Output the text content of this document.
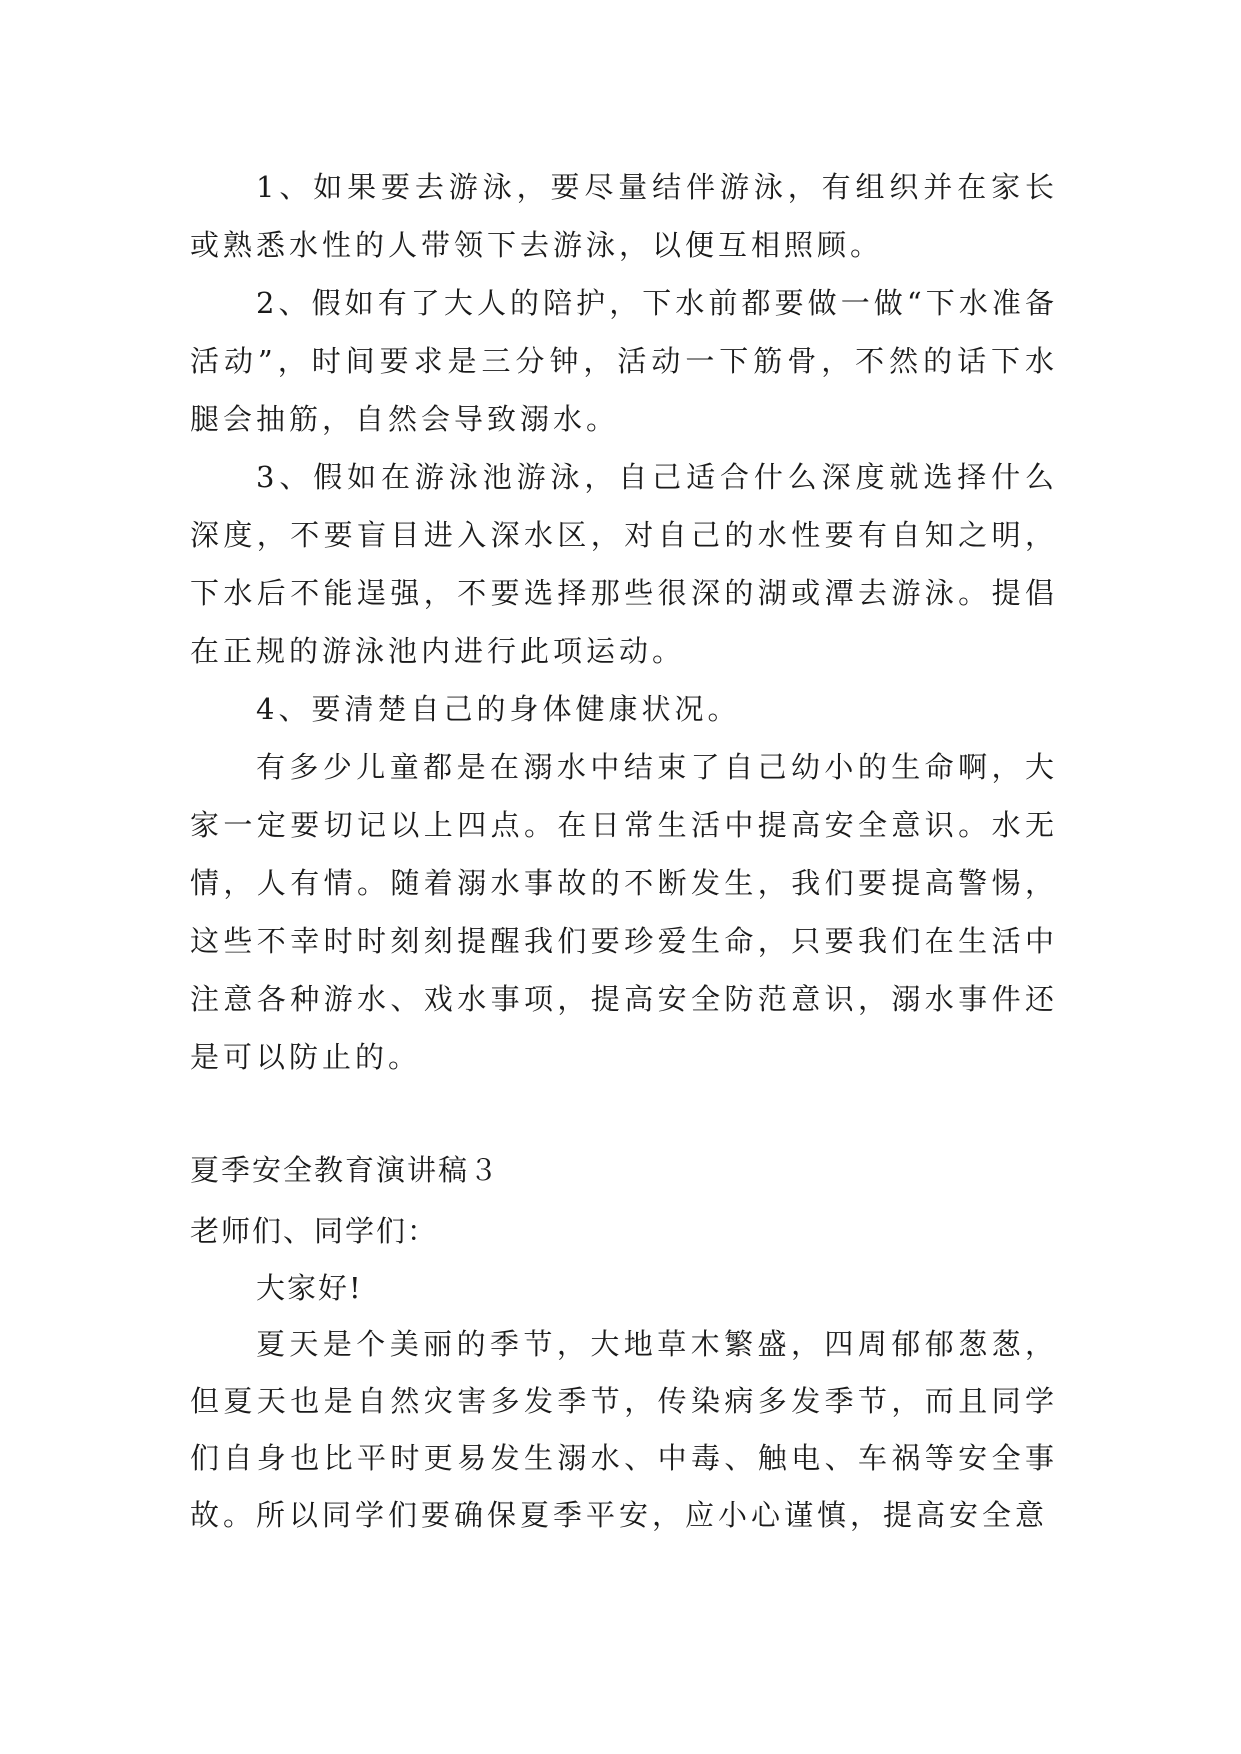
1、如果要去游泳，要尽量结伴游泳，有组织并在家长或熟悉水性的人带领下去游泳，以便互相照顾。

2、假如有了大人的陪护，下水前都要做一做“下水准备活动”，时间要求是三分钟，活动一下筋骨，不然的话下水腿会抽筋，自然会导致溺水。

3、假如在游泳池游泳，自己适合什么深度就选择什么深度，不要盲目进入深水区，对自己的水性要有自知之明，下水后不能逞强，不要选择那些很深的湖或潭去游泳。提倡在正规的游泳池内进行此项运动。

4、要清楚自己的身体健康状况。

有多少儿童都是在溺水中结束了自己幼小的生命啊，大家一定要切记以上四点。在日常生活中提高安全意识。水无情，人有情。随着溺水事故的不断发生，我们要提高警惕，这些不幸时时刻刻提醒我们要珍爱生命，只要我们在生活中注意各种游水、戏水事项，提高安全防范意识，溺水事件还是可以防止的。

夏季安全教育演讲稿３

老师们、同学们：

大家好!

夏天是个美丽的季节，大地草木繁盛，四周郁郁葱葱，但夏天也是自然灾害多发季节，传染病多发季节，而且同学们自身也比平时更易发生溺水、中毒、触电、车祸等安全事故。所以同学们要确保夏季平安，应小心谨慎，提高安全意
